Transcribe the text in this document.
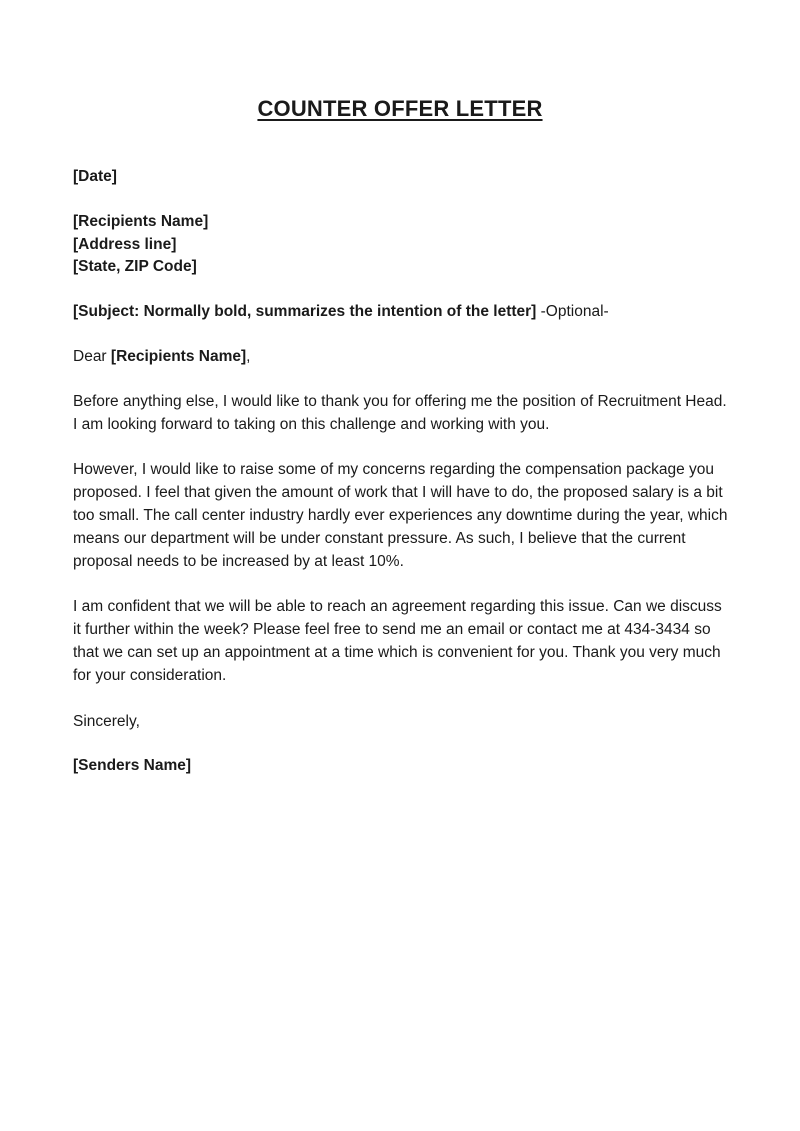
COUNTER OFFER LETTER

[Date]

[Recipients Name]

[Address line]

[State, ZIP Code]

[Subject: Normally bold, summarizes the intention of the letter] -Optional-

Dear [Recipients Name],

Before anything else, I would like to thank you for offering me the position of Recruitment Head. I am looking forward to taking on this challenge and working with you.

However, I would like to raise some of my concerns regarding the compensation package you proposed. I feel that given the amount of work that I will have to do, the proposed salary is a bit too small. The call center industry hardly ever experiences any downtime during the year, which means our department will be under constant pressure. As such, I believe that the current proposal needs to be increased by at least 10%.

I am confident that we will be able to reach an agreement regarding this issue. Can we discuss it further within the week? Please feel free to send me an email or contact me at 434-3434 so that we can set up an appointment at a time which is convenient for you. Thank you very much for your consideration.

Sincerely,

[Senders Name]
